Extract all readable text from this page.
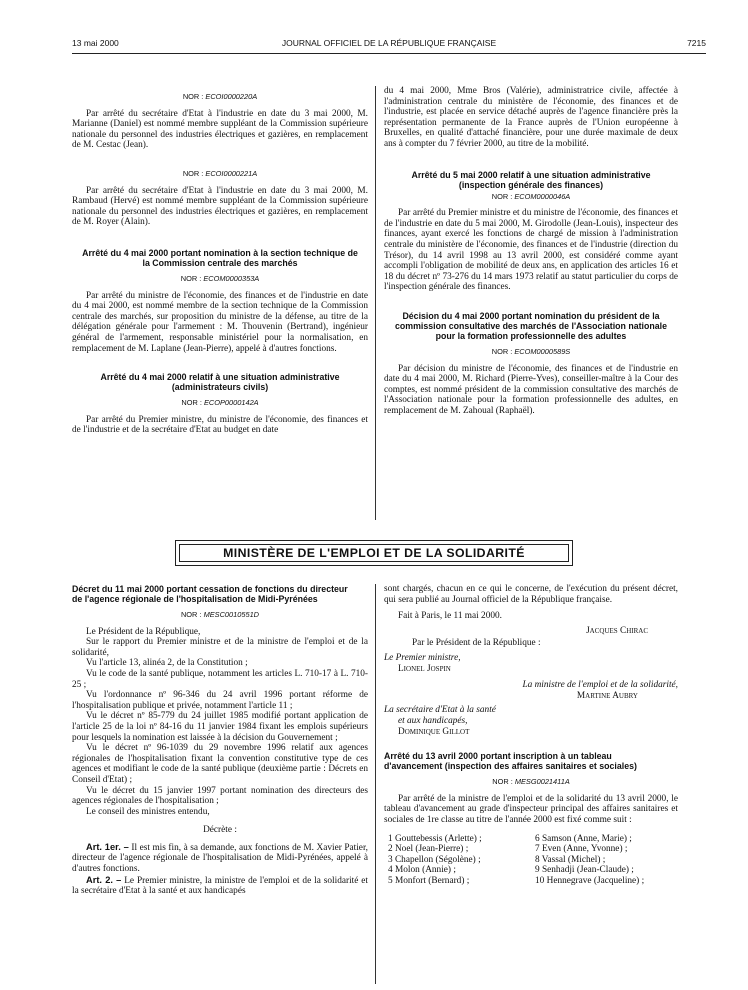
13 mai 2000	JOURNAL OFFICIEL DE LA RÉPUBLIQUE FRANÇAISE	7215
NOR : ECOI0000220A

Par arrêté du secrétaire d'Etat à l'industrie en date du 3 mai 2000, M. Marianne (Daniel) est nommé membre suppléant de la Commission supérieure nationale du personnel des industries électriques et gazières, en remplacement de M. Cestac (Jean).

NOR : ECOI0000221A

Par arrêté du secrétaire d'Etat à l'industrie en date du 3 mai 2000, M. Rambaud (Hervé) est nommé membre suppléant de la Commission supérieure nationale du personnel des industries électriques et gazières, en remplacement de M. Royer (Alain).

Arrêté du 4 mai 2000 portant nomination à la section technique de la Commission centrale des marchés
NOR : ECOM0000353A

Par arrêté du ministre de l'économie, des finances et de l'industrie en date du 4 mai 2000, est nommé membre de la section technique de la Commission centrale des marchés, sur proposition du ministre de la défense, au titre de la délégation générale pour l'armement : M. Thouvenin (Bertrand), ingénieur général de l'armement, responsable ministériel pour la normalisation, en remplacement de M. Laplane (Jean-Pierre), appelé à d'autres fonctions.

Arrêté du 4 mai 2000 relatif à une situation administrative (administrateurs civils)
NOR : ECOP0000142A

Par arrêté du Premier ministre, du ministre de l'économie, des finances et de l'industrie et de la secrétaire d'Etat au budget en date

du 4 mai 2000, Mme Bros (Valérie), administratrice civile, affectée à l'administration centrale du ministère de l'économie, des finances et de l'industrie, est placée en service détaché auprès de l'agence financière près la représentation permanente de la France auprès de l'Union européenne à Bruxelles, en qualité d'attaché financière, pour une durée maximale de deux ans à compter du 7 février 2000, au titre de la mobilité.

Arrêté du 5 mai 2000 relatif à une situation administrative (inspection générale des finances)
NOR : ECOM0000046A

Par arrêté du Premier ministre et du ministre de l'économie, des finances et de l'industrie en date du 5 mai 2000, M. Girodolle (Jean-Louis), inspecteur des finances, ayant exercé les fonctions de chargé de mission à l'administration centrale du ministère de l'économie, des finances et de l'industrie (direction du Trésor), du 14 avril 1998 au 13 avril 2000, est considéré comme ayant accompli l'obligation de mobilité de deux ans, en application des articles 16 et 18 du décret nº 73-276 du 14 mars 1973 relatif au statut particulier du corps de l'inspection générale des finances.

Décision du 4 mai 2000 portant nomination du président de la commission consultative des marchés de l'Association nationale pour la formation professionnelle des adultes
NOR : ECOM0000589S

Par décision du ministre de l'économie, des finances et de l'industrie en date du 4 mai 2000, M. Richard (Pierre-Yves), conseiller-maître à la Cour des comptes, est nommé président de la commission consultative des marchés de l'Association nationale pour la formation professionnelle des adultes, en remplacement de M. Zahoual (Raphaël).

MINISTÈRE DE L'EMPLOI ET DE LA SOLIDARITÉ
Décret du 11 mai 2000 portant cessation de fonctions du directeur de l'agence régionale de l'hospitalisation de Midi-Pyrénées
NOR : MESC0010551D

Le Président de la République,

Sur le rapport du Premier ministre et de la ministre de l'emploi et de la solidarité,

Vu l'article 13, alinéa 2, de la Constitution ;

Vu le code de la santé publique, notamment les articles L. 710-17 à L. 710-25 ;

Vu l'ordonnance nº 96-346 du 24 avril 1996 portant réforme de l'hospitalisation publique et privée, notamment l'article 11 ;

Vu le décret nº 85-779 du 24 juillet 1985 modifié portant application de l'article 25 de la loi nº 84-16 du 11 janvier 1984 fixant les emplois supérieurs pour lesquels la nomination est laissée à la décision du Gouvernement ;

Vu le décret nº 96-1039 du 29 novembre 1996 relatif aux agences régionales de l'hospitalisation fixant la convention constitutive type de ces agences et modifiant le code de la santé publique (deuxième partie : Décrets en Conseil d'Etat) ;

Vu le décret du 15 janvier 1997 portant nomination des directeurs des agences régionales de l'hospitalisation ;

Le conseil des ministres entendu,

Décrète :

Art. 1er. – Il est mis fin, à sa demande, aux fonctions de M. Xavier Patier, directeur de l'agence régionale de l'hospitalisation de Midi-Pyrénées, appelé à d'autres fonctions.

Art. 2. – Le Premier ministre, la ministre de l'emploi et de la solidarité et la secrétaire d'Etat à la santé et aux handicapés

sont chargés, chacun en ce qui le concerne, de l'exécution du présent décret, qui sera publié au Journal officiel de la République française.

Fait à Paris, le 11 mai 2000.

Jacques Chirac

Par le Président de la République :

Le Premier ministre,

Lionel Jospin

La ministre de l'emploi et de la solidarité,

Martine Aubry

La secrétaire d'Etat à la santé

et aux handicapés,

Dominique Gillot

Arrêté du 13 avril 2000 portant inscription à un tableau d'avancement (inspection des affaires sanitaires et sociales)
NOR : MESG0021411A

Par arrêté de la ministre de l'emploi et de la solidarité du 13 avril 2000, le tableau d'avancement au grade d'inspecteur principal des affaires sanitaires et sociales de 1re classe au titre de l'année 2000 est fixé comme suit :

1 Gouttebessis (Arlette) ;
2 Noel (Jean-Pierre) ;
3 Chapellon (Ségolène) ;
4 Molon (Annie) ;
5 Monfort (Bernard) ;
6 Samson (Anne, Marie) ;
7 Even (Anne, Yvonne) ;
8 Vassal (Michel) ;
9 Senhadji (Jean-Claude) ;
10 Hennegrave (Jacqueline) ;
